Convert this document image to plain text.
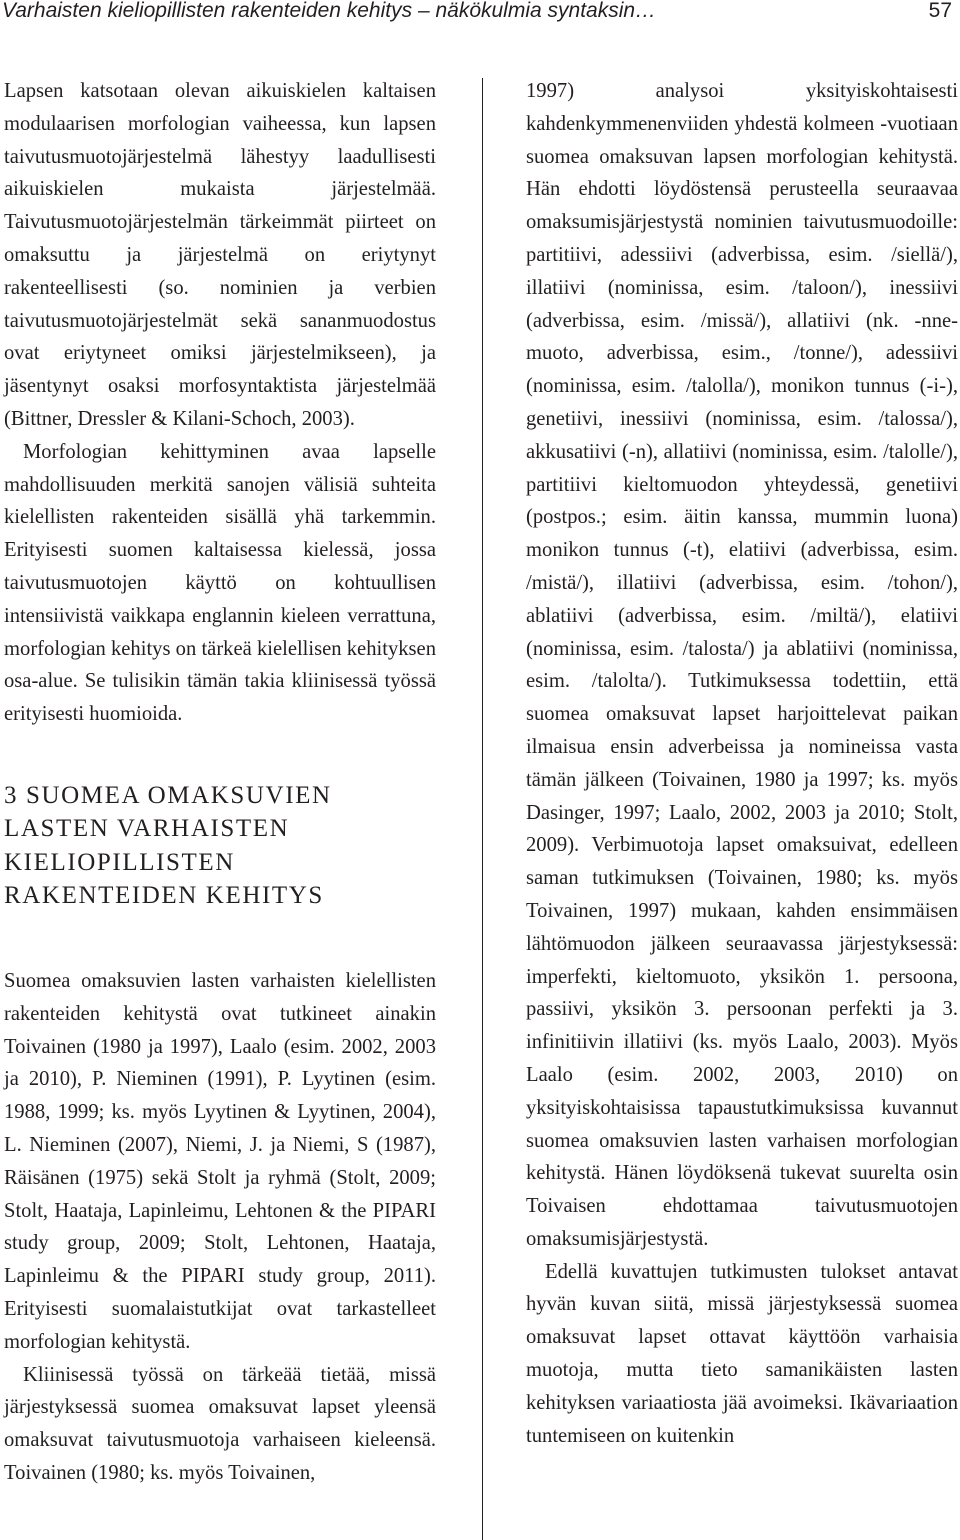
Varhaisten kieliopillisten rakenteiden kehitys – näkökulmia syntaksin…	57

Lapsen katsotaan olevan aikuiskielen kaltaisen modulaarisen morfologian vaiheessa, kun lapsen taivutusmuotojärjestelmä lähestyy laadullisesti aikuiskielen mukaista järjestelmää. Taivutusmuotojärjestelmän tärkeimmät piirteet on omaksuttu ja järjestelmä on eriytynyt rakenteellisesti (so. nominien ja verbien taivutusmuotojärjestelmät sekä sananmuodostus ovat eriytyneet omiksi järjestelmikseen), ja jäsentynyt osaksi morfosyntaktista järjestelmää (Bittner, Dressler & Kilani-Schoch, 2003).

Morfologian kehittyminen avaa lapselle mahdollisuuden merkitä sanojen välisiä suhteita kielellisten rakenteiden sisällä yhä tarkemmin. Erityisesti suomen kaltaisessa kielessä, jossa taivutusmuotojen käyttö on kohtuullisen intensiivistä vaikkapa englannin kieleen verrattuna, morfologian kehitys on tärkeä kielellisen kehityksen osa-alue. Se tulisikin tämän takia kliinisessä työssä erityisesti huomioida.

3 SUOMEA OMAKSUVIEN LASTEN VARHAISTEN KIELIOPILLISTEN RAKENTEIDEN KEHITYS

Suomea omaksuvien lasten varhaisten kielellisten rakenteiden kehitystä ovat tutkineet ainakin Toivainen (1980 ja 1997), Laalo (esim. 2002, 2003 ja 2010), P. Nieminen (1991), P. Lyytinen (esim. 1988, 1999; ks. myös Lyytinen & Lyytinen, 2004), L. Nieminen (2007), Niemi, J. ja Niemi, S (1987), Räisänen (1975) sekä Stolt ja ryhmä (Stolt, 2009; Stolt, Haataja, Lapinleimu, Lehtonen & the PIPARI study group, 2009; Stolt, Lehtonen, Haataja, Lapinleimu & the PIPARI study group, 2011). Erityisesti suomalaistutkijat ovat tarkastelleet morfologian kehitystä.

Kliinisessä työssä on tärkeää tietää, missä järjestyksessä suomea omaksuvat lapset yleensä omaksuvat taivutusmuotoja varhaiseen kieleensä. Toivainen (1980; ks. myös Toivainen,

1997) analysoi yksityiskohtaisesti kahdenkymmenenviiden yhdestä kolmeen -vuotiaan suomea omaksuvan lapsen morfologian kehitystä. Hän ehdotti löydöstensä perusteella seuraavaa omaksumisjärjestystä nominien taivutusmuodoille: partitiivi, adessiivi (adverbissa, esim. /siellä/), illatiivi (nominissa, esim. /taloon/), inessiivi (adverbissa, esim. /missä/), allatiivi (nk. -nne-muoto, adverbissa, esim., /tonne/), adessiivi (nominissa, esim. /talolla/), monikon tunnus (-i-), genetiivi, inessiivi (nominissa, esim. /talossa/), akkusatiivi (-n), allatiivi (nominissa, esim. /talolle/), partitiivi kieltomuodon yhteydessä, genetiivi (postpos.; esim. äitin kanssa, mummin luona) monikon tunnus (-t), elatiivi (adverbissa, esim. /mistä/), illatiivi (adverbissa, esim. /tohon/), ablatiivi (adverbissa, esim. /miltä/), elatiivi (nominissa, esim. /talosta/) ja ablatiivi (nominissa, esim. /talolta/). Tutkimuksessa todettiin, että suomea omaksuvat lapset harjoittelevat paikan ilmaisua ensin adverbeissa ja nomineissa vasta tämän jälkeen (Toivainen, 1980 ja 1997; ks. myös Dasinger, 1997; Laalo, 2002, 2003 ja 2010; Stolt, 2009). Verbimuotoja lapset omaksuivat, edelleen saman tutkimuksen (Toivainen, 1980; ks. myös Toivainen, 1997) mukaan, kahden ensimmäisen lähtömuodon jälkeen seuraavassa järjestyksessä: imperfekti, kieltomuoto, yksikön 1. persoona, passiivi, yksikön 3. persoonan perfekti ja 3. infinitiivin illatiivi (ks. myös Laalo, 2003). Myös Laalo (esim. 2002, 2003, 2010) on yksityiskohtaisissa tapaustutkimuksissa kuvannut suomea omaksuvien lasten varhaisen morfologian kehitystä. Hänen löydöksenä tukevat suurelta osin Toivaisen ehdottamaa taivutusmuotojen omaksumisjärjestystä.

Edellä kuvattujen tutkimusten tulokset antavat hyvän kuvan siitä, missä järjestyksessä suomea omaksuvat lapset ottavat käyttöön varhaisia muotoja, mutta tieto samanikäisten lasten kehityksen variaatiosta jää avoimeksi. Ikävariaation tuntemiseen on kuitenkin
